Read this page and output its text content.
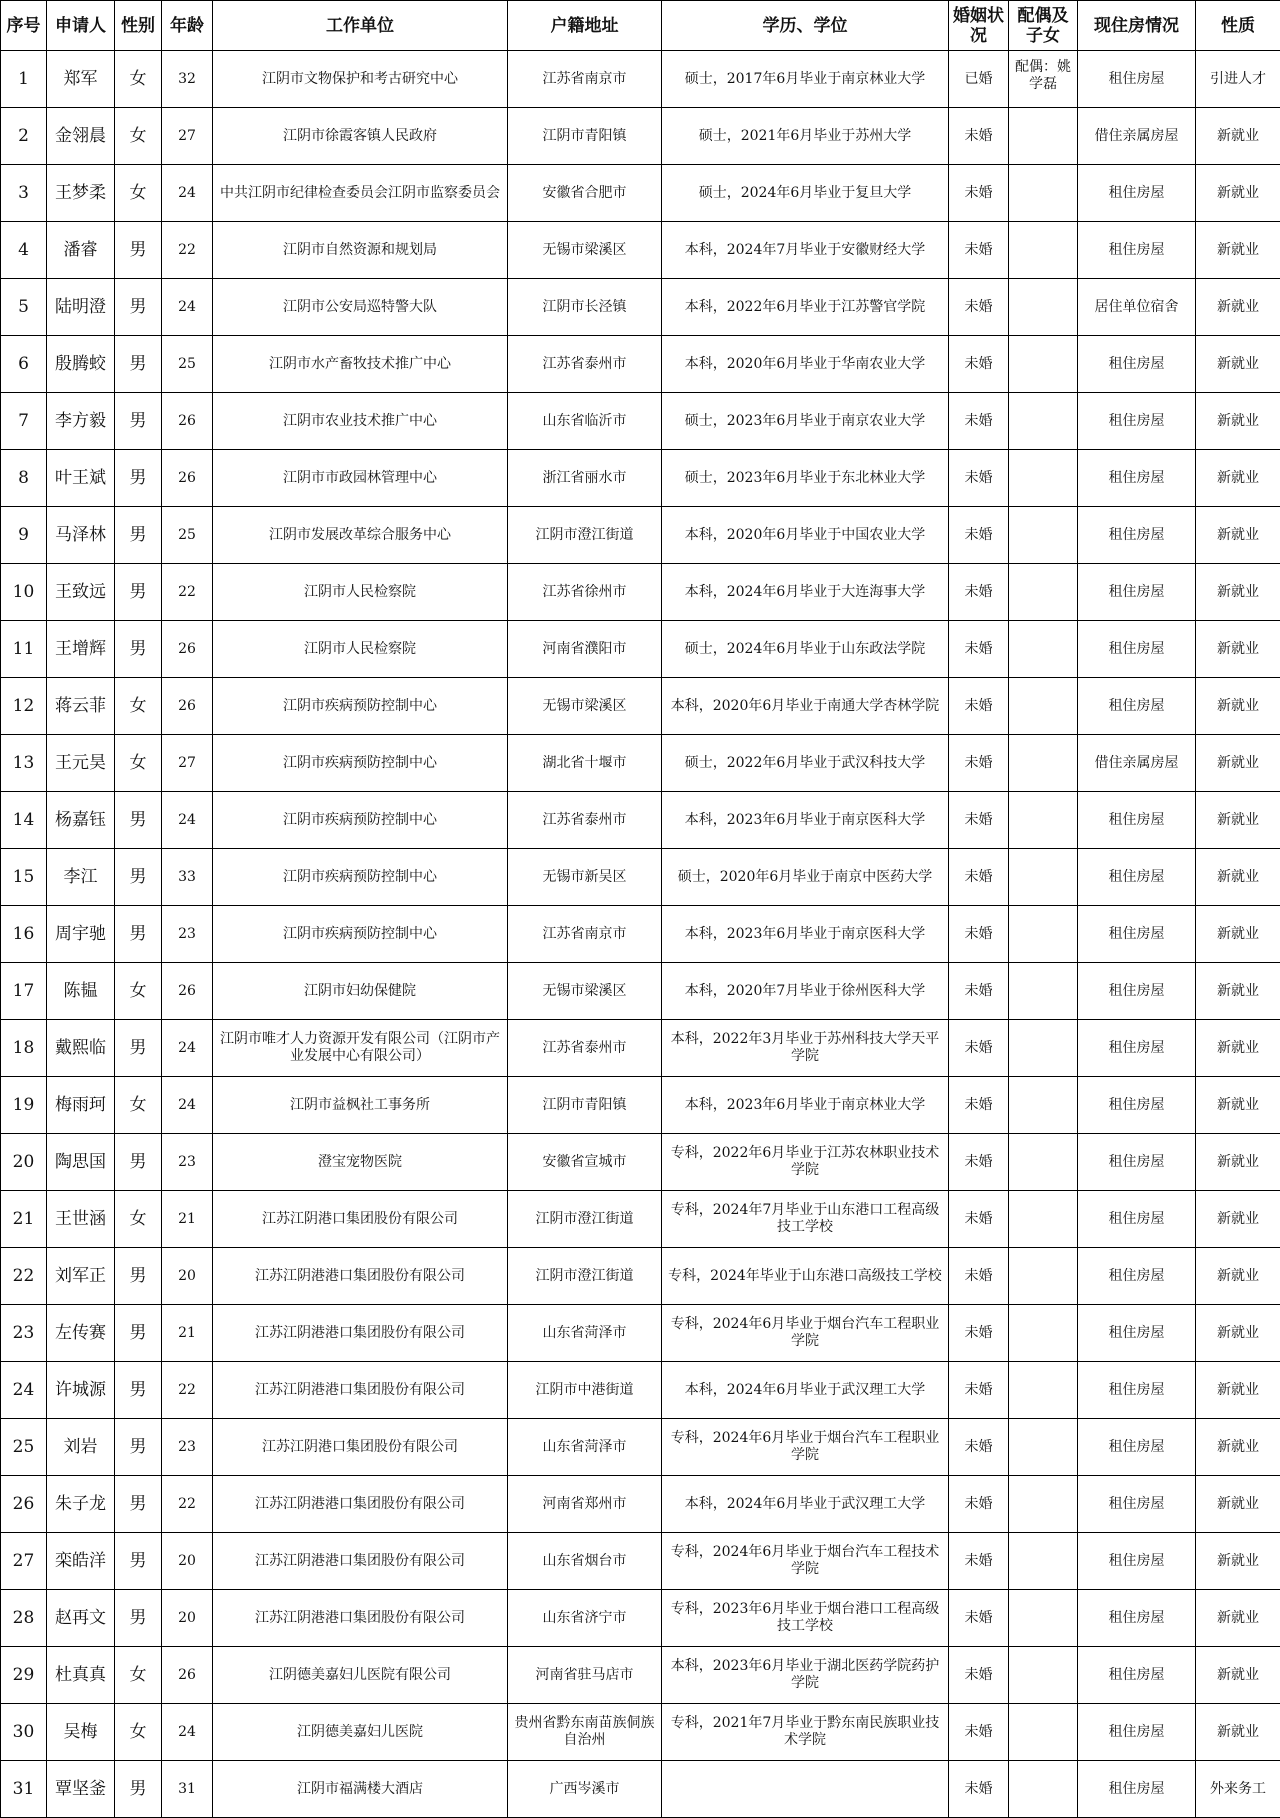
序号	申请人	性别	年龄	工作单位	户籍地址	学历、学位	婚姻状况	配偶及子女	现住房情况	性质
1	郑军	女	32	江阴市文物保护和考古研究中心	江苏省南京市	硕士，2017年6月毕业于南京林业大学	已婚	配偶：姚学磊	租住房屋	引进人才
2	金翎晨	女	27	江阴市徐霞客镇人民政府	江阴市青阳镇	硕士，2021年6月毕业于苏州大学	未婚		借住亲属房屋	新就业
3	王梦柔	女	24	中共江阴市纪律检查委员会江阴市监察委员会	安徽省合肥市	硕士，2024年6月毕业于复旦大学	未婚		租住房屋	新就业
4	潘睿	男	22	江阴市自然资源和规划局	无锡市梁溪区	本科，2024年7月毕业于安徽财经大学	未婚		租住房屋	新就业
5	陆明澄	男	24	江阴市公安局巡特警大队	江阴市长泾镇	本科，2022年6月毕业于江苏警官学院	未婚		居住单位宿舍	新就业
6	殷腾蛟	男	25	江阴市水产畜牧技术推广中心	江苏省泰州市	本科，2020年6月毕业于华南农业大学	未婚		租住房屋	新就业
7	李方毅	男	26	江阴市农业技术推广中心	山东省临沂市	硕士，2023年6月毕业于南京农业大学	未婚		租住房屋	新就业
8	叶王斌	男	26	江阴市市政园林管理中心	浙江省丽水市	硕士，2023年6月毕业于东北林业大学	未婚		租住房屋	新就业
9	马泽林	男	25	江阴市发展改革综合服务中心	江阴市澄江街道	本科，2020年6月毕业于中国农业大学	未婚		租住房屋	新就业
10	王致远	男	22	江阴市人民检察院	江苏省徐州市	本科，2024年6月毕业于大连海事大学	未婚		租住房屋	新就业
11	王增辉	男	26	江阴市人民检察院	河南省濮阳市	硕士，2024年6月毕业于山东政法学院	未婚		租住房屋	新就业
12	蒋云菲	女	26	江阴市疾病预防控制中心	无锡市梁溪区	本科，2020年6月毕业于南通大学杏林学院	未婚		租住房屋	新就业
13	王元昊	女	27	江阴市疾病预防控制中心	湖北省十堰市	硕士，2022年6月毕业于武汉科技大学	未婚		借住亲属房屋	新就业
14	杨嘉钰	男	24	江阴市疾病预防控制中心	江苏省泰州市	本科，2023年6月毕业于南京医科大学	未婚		租住房屋	新就业
15	李江	男	33	江阴市疾病预防控制中心	无锡市新吴区	硕士，2020年6月毕业于南京中医药大学	未婚		租住房屋	新就业
16	周宇驰	男	23	江阴市疾病预防控制中心	江苏省南京市	本科，2023年6月毕业于南京医科大学	未婚		租住房屋	新就业
17	陈韫	女	26	江阴市妇幼保健院	无锡市梁溪区	本科，2020年7月毕业于徐州医科大学	未婚		租住房屋	新就业
18	戴熙临	男	24	江阴市唯才人力资源开发有限公司（江阴市产业发展中心有限公司）	江苏省泰州市	本科，2022年3月毕业于苏州科技大学天平学院	未婚		租住房屋	新就业
19	梅雨珂	女	24	江阴市益枫社工事务所	江阴市青阳镇	本科，2023年6月毕业于南京林业大学	未婚		租住房屋	新就业
20	陶思国	男	23	澄宝宠物医院	安徽省宣城市	专科，2022年6月毕业于江苏农林职业技术学院	未婚		租住房屋	新就业
21	王世涵	女	21	江苏江阴港口集团股份有限公司	江阴市澄江街道	专科，2024年7月毕业于山东港口工程高级技工学校	未婚		租住房屋	新就业
22	刘军正	男	20	江苏江阴港港口集团股份有限公司	江阴市澄江街道	专科，2024年毕业于山东港口高级技工学校	未婚		租住房屋	新就业
23	左传赛	男	21	江苏江阴港港口集团股份有限公司	山东省菏泽市	专科，2024年6月毕业于烟台汽车工程职业学院	未婚		租住房屋	新就业
24	许城源	男	22	江苏江阴港港口集团股份有限公司	江阴市中港街道	本科，2024年6月毕业于武汉理工大学	未婚		租住房屋	新就业
25	刘岩	男	23	江苏江阴港口集团股份有限公司	山东省菏泽市	专科，2024年6月毕业于烟台汽车工程职业学院	未婚		租住房屋	新就业
26	朱子龙	男	22	江苏江阴港港口集团股份有限公司	河南省郑州市	本科，2024年6月毕业于武汉理工大学	未婚		租住房屋	新就业
27	栾皓洋	男	20	江苏江阴港港口集团股份有限公司	山东省烟台市	专科，2024年6月毕业于烟台汽车工程技术学院	未婚		租住房屋	新就业
28	赵再文	男	20	江苏江阴港港口集团股份有限公司	山东省济宁市	专科，2023年6月毕业于烟台港口工程高级技工学校	未婚		租住房屋	新就业
29	杜真真	女	26	江阴德美嘉妇儿医院有限公司	河南省驻马店市	本科，2023年6月毕业于湖北医药学院药护学院	未婚		租住房屋	新就业
30	吴梅	女	24	江阴德美嘉妇儿医院	贵州省黔东南苗族侗族自治州	专科，2021年7月毕业于黔东南民族职业技术学院	未婚		租住房屋	新就业
31	覃坚釜	男	31	江阴市福满楼大酒店	广西岑溪市		未婚		租住房屋	外来务工
